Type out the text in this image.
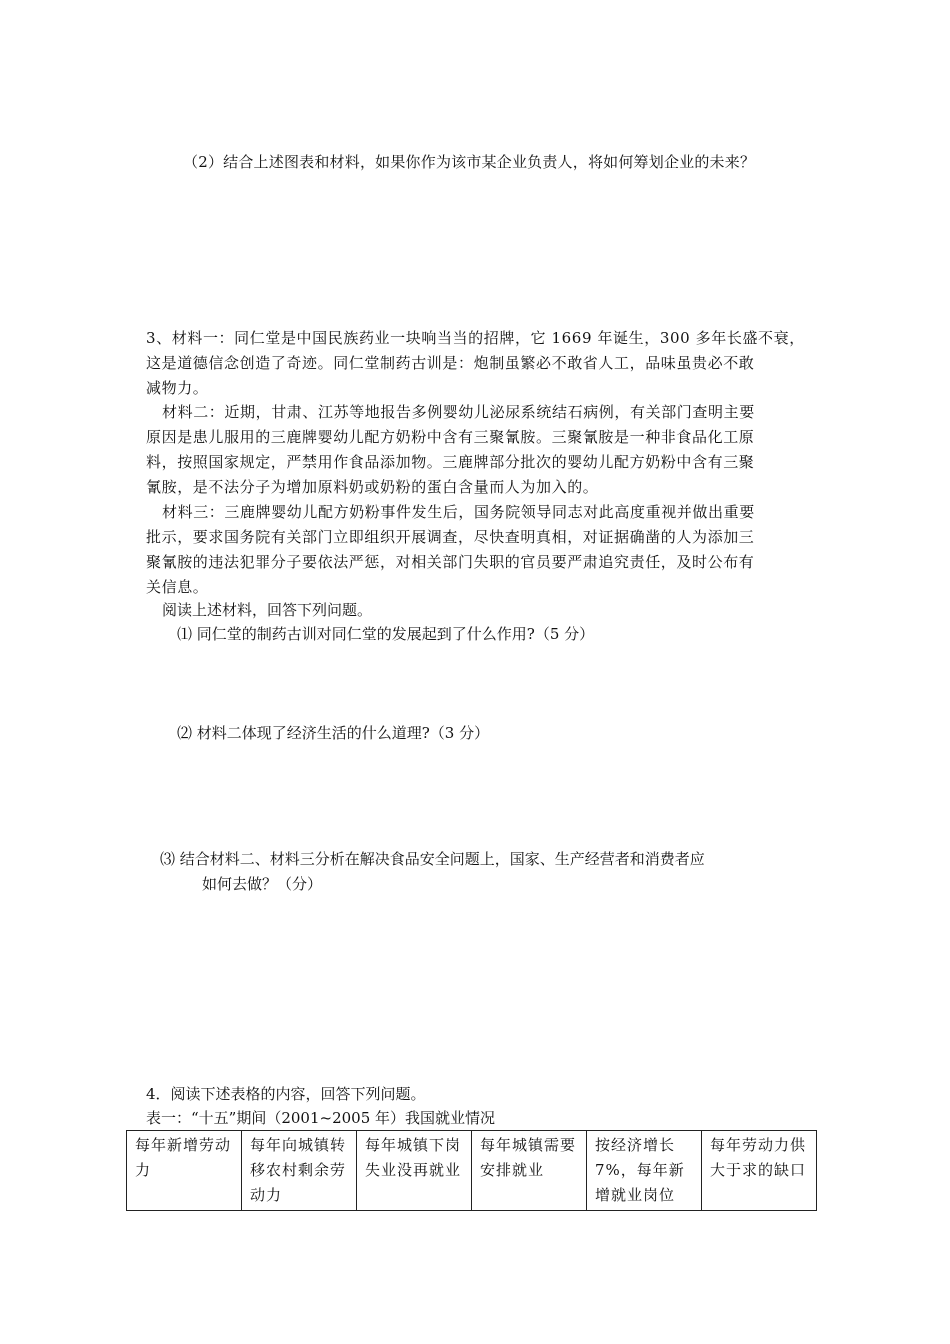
（2）结合上述图表和材料，如果你作为该市某企业负责人，将如何筹划企业的未来？

3、材料一：同仁堂是中国民族药业一块响当当的招牌，它 1669 年诞生，300 多年长盛不衰，

这是道德信念创造了奇迹。同仁堂制药古训是：炮制虽繁必不敢省人工，品味虽贵必不敢

减物力。

材料二：近期，甘肃、江苏等地报告多例婴幼儿泌尿系统结石病例，有关部门查明主要

原因是患儿服用的三鹿牌婴幼儿配方奶粉中含有三聚氰胺。三聚氰胺是一种非食品化工原

料，按照国家规定，严禁用作食品添加物。三鹿牌部分批次的婴幼儿配方奶粉中含有三聚

氰胺，是不法分子为增加原料奶或奶粉的蛋白含量而人为加入的。

材料三：三鹿牌婴幼儿配方奶粉事件发生后，国务院领导同志对此高度重视并做出重要

批示，要求国务院有关部门立即组织开展调查，尽快查明真相，对证据确凿的人为添加三

聚氰胺的违法犯罪分子要依法严惩，对相关部门失职的官员要严肃追究责任，及时公布有

关信息。

阅读上述材料，回答下列问题。
⑴ 同仁堂的制药古训对同仁堂的发展起到了什么作用?（5 分）
⑵ 材料二体现了经济生活的什么道理?（3 分）
⑶ 结合材料二、材料三分析在解决食品安全问题上，国家、生产经营者和消费者应
如何去做？（分）
4．阅读下述表格的内容，回答下列问题。
表一：“十五”期间（2001~2005 年）我国就业情况
每年新增劳动力	每年向城镇转移农村剩余劳动力	每年城镇下岗失业没再就业	每年城镇需要安排就业	按经济增长 7%，每年新增就业岗位	每年劳动力供大于求的缺口
